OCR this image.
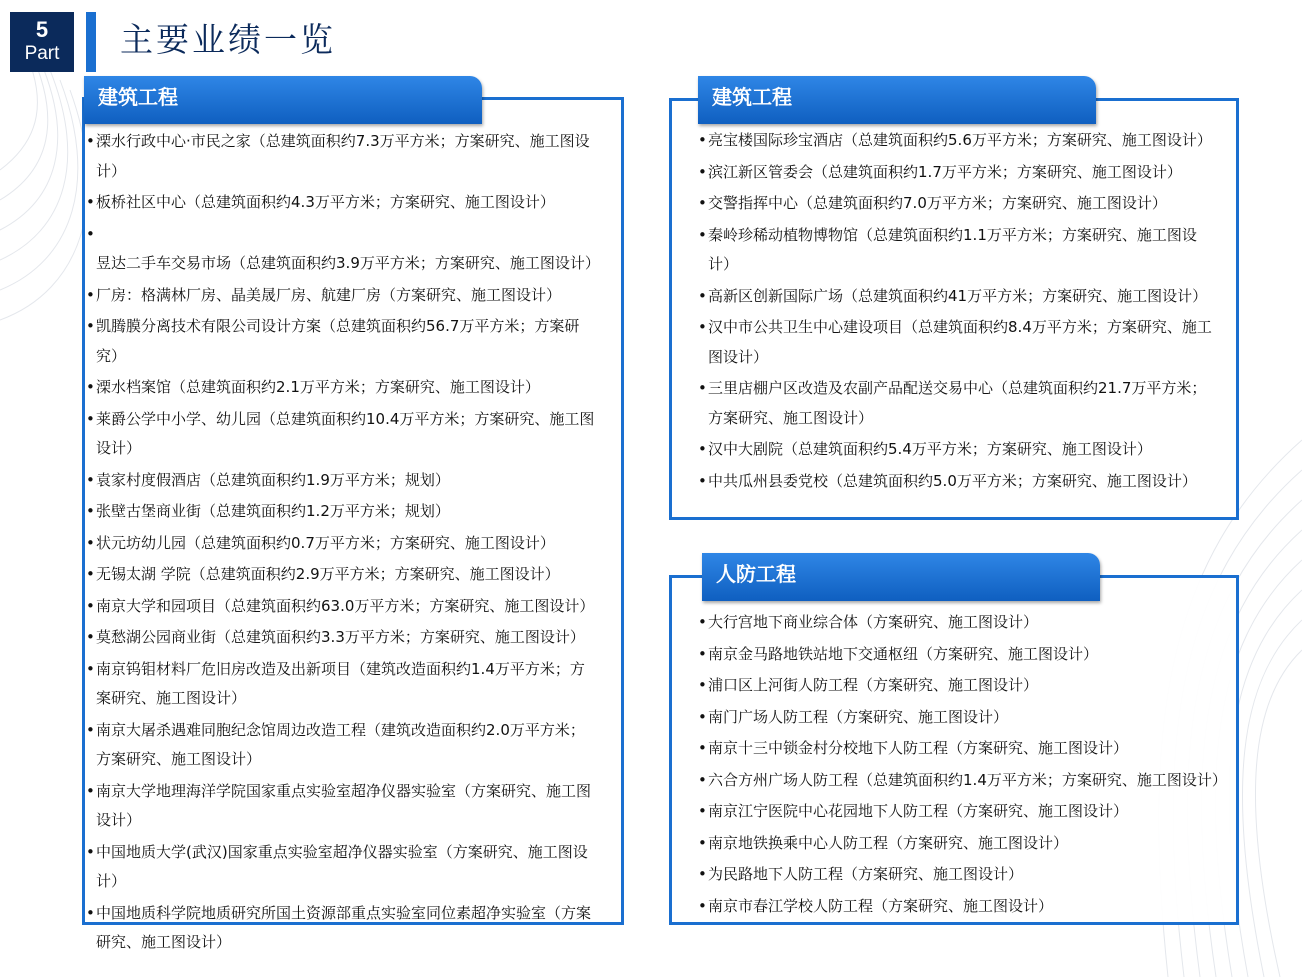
5
Part	主要业绩一览
建筑工程
• 溧水行政中心·市民之家（总建筑面积约7.3万平方米；方案研究、施工图设计）
• 板桥社区中心（总建筑面积约4.3万平方米；方案研究、施工图设计）
• 昱达二手车交易市场（总建筑面积约3.9万平方米；方案研究、施工图设计）
• 厂房：格满林厂房、晶美晟厂房、航建厂房（方案研究、施工图设计）
• 凯腾膜分离技术有限公司设计方案（总建筑面积约56.7万平方米；方案研究）
• 溧水档案馆（总建筑面积约2.1万平方米；方案研究、施工图设计）
• 莱爵公学中小学、幼儿园（总建筑面积约10.4万平方米；方案研究、施工图设计）
• 袁家村度假酒店（总建筑面积约1.9万平方米；规划）
• 张壁古堡商业街（总建筑面积约1.2万平方米；规划）
• 状元坊幼儿园（总建筑面积约0.7万平方米；方案研究、施工图设计）
• 无锡太湖 学院（总建筑面积约2.9万平方米；方案研究、施工图设计）
• 南京大学和园项目（总建筑面积约63.0万平方米；方案研究、施工图设计）
• 莫愁湖公园商业街（总建筑面积约3.3万平方米；方案研究、施工图设计）
• 南京钨钼材料厂危旧房改造及出新项目（建筑改造面积约1.4万平方米；方案研究、施工图设计）
• 南京大屠杀遇难同胞纪念馆周边改造工程（建筑改造面积约2.0万平方米；方案研究、施工图设计）
• 南京大学地理海洋学院国家重点实验室超净仪器实验室（方案研究、施工图设计）
• 中国地质大学(武汉)国家重点实验室超净仪器实验室（方案研究、施工图设计）
• 中国地质科学院地质研究所国土资源部重点实验室同位素超净实验室（方案研究、施工图设计）
建筑工程
• 亮宝楼国际珍宝酒店（总建筑面积约5.6万平方米；方案研究、施工图设计）
• 滨江新区管委会（总建筑面积约1.7万平方米；方案研究、施工图设计）
• 交警指挥中心（总建筑面积约7.0万平方米；方案研究、施工图设计）
• 秦岭珍稀动植物博物馆（总建筑面积约1.1万平方米；方案研究、施工图设计）
• 高新区创新国际广场（总建筑面积约41万平方米；方案研究、施工图设计）
• 汉中市公共卫生中心建设项目（总建筑面积约8.4万平方米；方案研究、施工图设计）
• 三里店棚户区改造及农副产品配送交易中心（总建筑面积约21.7万平方米；方案研究、施工图设计）
• 汉中大剧院（总建筑面积约5.4万平方米；方案研究、施工图设计）
• 中共瓜州县委党校（总建筑面积约5.0万平方米；方案研究、施工图设计）
人防工程
• 大行宫地下商业综合体（方案研究、施工图设计）
• 南京金马路地铁站地下交通枢纽（方案研究、施工图设计）
• 浦口区上河街人防工程（方案研究、施工图设计）
• 南门广场人防工程（方案研究、施工图设计）
• 南京十三中锁金村分校地下人防工程（方案研究、施工图设计）
• 六合方州广场人防工程（总建筑面积约1.4万平方米；方案研究、施工图设计）
• 南京江宁医院中心花园地下人防工程（方案研究、施工图设计）
• 南京地铁换乘中心人防工程（方案研究、施工图设计）
• 为民路地下人防工程（方案研究、施工图设计）
• 南京市春江学校人防工程（方案研究、施工图设计）
